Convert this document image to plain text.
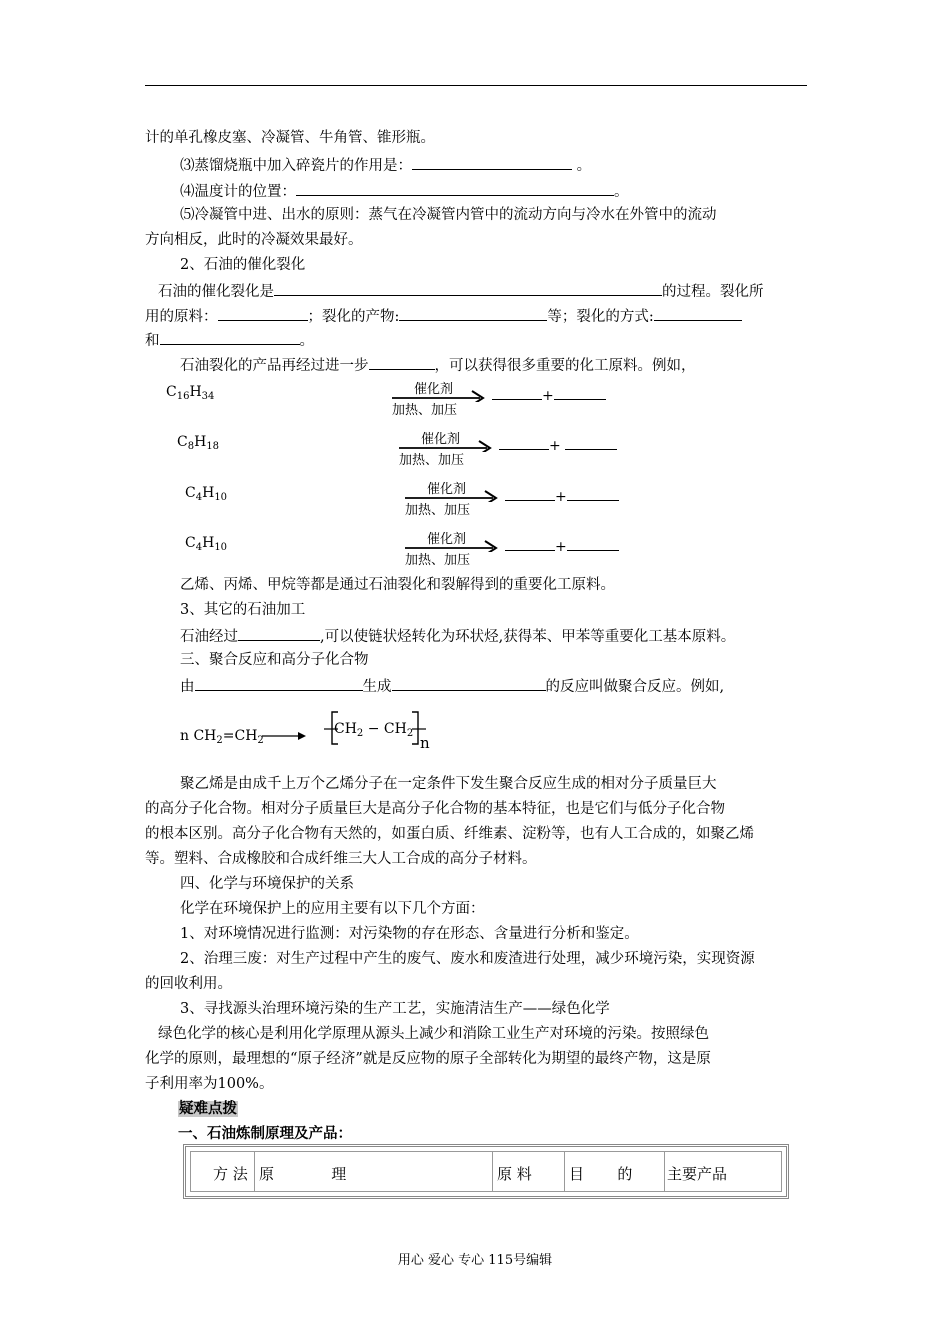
计的单孔橡皮塞、冷凝管、牛角管、锥形瓶。
⑶蒸馏烧瓶中加入碎瓷片的作用是：	。
⑷温度计的位置：	。
⑸冷凝管中进、出水的原则：蒸气在冷凝管内管中的流动方向与冷水在外管中的流动
方向相反，此时的冷凝效果最好。
2、石油的催化裂化
石油的催化裂化是	的过程。裂化所
用的原料：	；裂化的产物:	等；裂化的方式:
和	。
石油裂化的产品再经过进一步	，可以获得很多重要的化工原料。例如，
$C_{16}H_{34}$	催化剂
加热、加压
+
$C_8H_{18}$	催化剂
加热、加压
+
$C_4H_{10}$
催化剂
加热、加压
+
$C_4H_{10}$
催化剂
加热、加压
+
乙烯、丙烯、甲烷等都是通过石油裂化和裂解得到的重要化工原料。
3、其它的石油加工
石油经过	,可以使链状烃转化为环状烃,获得苯、甲苯等重要化工基本原料。
三、聚合反应和高分子化合物
由	生成	的反应叫做聚合反应。例如,
n $CH_2=CH_2$
$CH_2 - CH_2$
n
聚乙烯是由成千上万个乙烯分子在一定条件下发生聚合反应生成的相对分子质量巨大
的高分子化合物。相对分子质量巨大是高分子化合物的基本特征，也是它们与低分子化合物
的根本区别。高分子化合物有天然的，如蛋白质、纤维素、淀粉等，也有人工合成的，如聚乙烯
等。塑料、合成橡胶和合成纤维三大人工合成的高分子材料。
四、化学与环境保护的关系
化学在环境保护上的应用主要有以下几个方面：
1、对环境情况进行监测：对污染物的存在形态、含量进行分析和鉴定。
2、治理三废：对生产过程中产生的废气、废水和废渣进行处理，减少环境污染，实现资源
的回收利用。
3、寻找源头治理环境污染的生产工艺，实施清洁生产——绿色化学
绿色化学的核心是利用化学原理从源头上减少和消除工业生产对环境的污染。按照绿色
化学的原则，最理想的“原子经济”就是反应物的原子全部转化为期望的最终产物，这是原
子利用率为100%。
疑难点拨
一、石油炼制原理及产品：
方 法 原            理	原 料	目       的	主要产品
用心 爱心 专心 115号编辑
